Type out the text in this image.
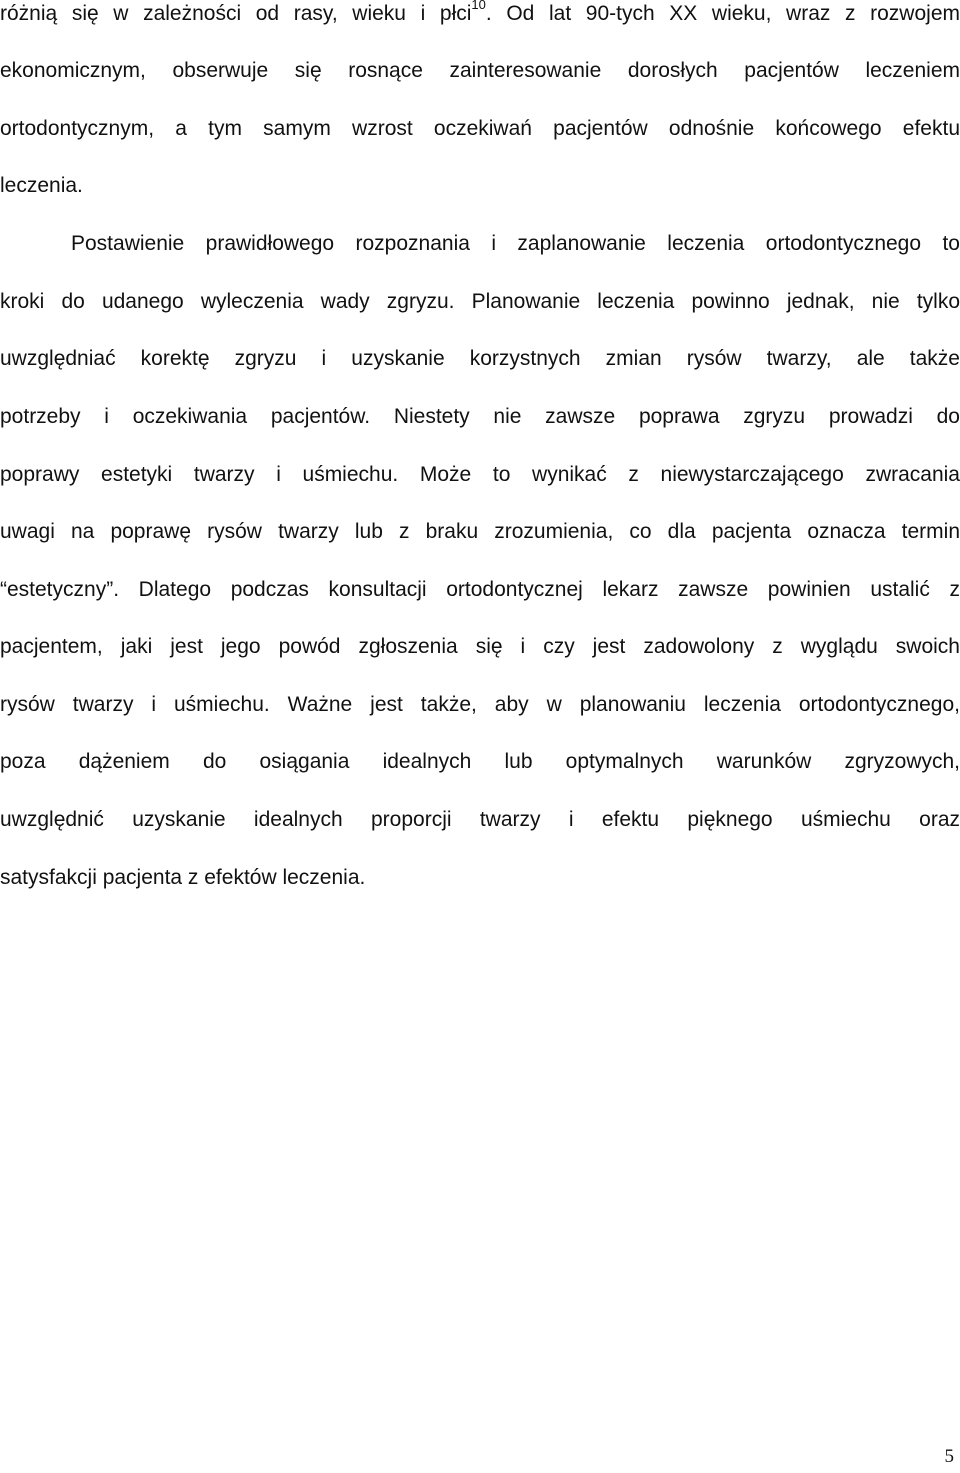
różnią się w zależności od rasy, wieku i płci$^{10}$. Od lat 90-tych XX wieku, wraz z rozwojem
ekonomicznym, obserwuje się rosnące zainteresowanie dorosłych pacjentów leczeniem
ortodontycznym, a tym samym wzrost oczekiwań pacjentów odnośnie końcowego efektu
leczenia.
Postawienie prawidłowego rozpoznania i zaplanowanie leczenia ortodontycznego to
kroki do udanego wyleczenia wady zgryzu. Planowanie leczenia powinno jednak, nie tylko
uwzględniać korektę zgryzu i uzyskanie korzystnych zmian rysów twarzy, ale także
potrzeby i oczekiwania pacjentów. Niestety nie zawsze poprawa zgryzu prowadzi do
poprawy estetyki twarzy i uśmiechu. Może to wynikać z niewystarczającego zwracania
uwagi na poprawę rysów twarzy lub z braku zrozumienia, co dla pacjenta oznacza termin
“estetyczny”. Dlatego podczas konsultacji ortodontycznej lekarz zawsze powinien ustalić z
pacjentem, jaki jest jego powód zgłoszenia się i czy jest zadowolony z wyglądu swoich
rysów twarzy i uśmiechu. Ważne jest także, aby w planowaniu leczenia ortodontycznego,
poza dążeniem do osiągania idealnych lub optymalnych warunków zgryzowych,
uwzględnić uzyskanie idealnych proporcji twarzy i efektu pięknego uśmiechu oraz
satysfakcji pacjenta z efektów leczenia.
5
